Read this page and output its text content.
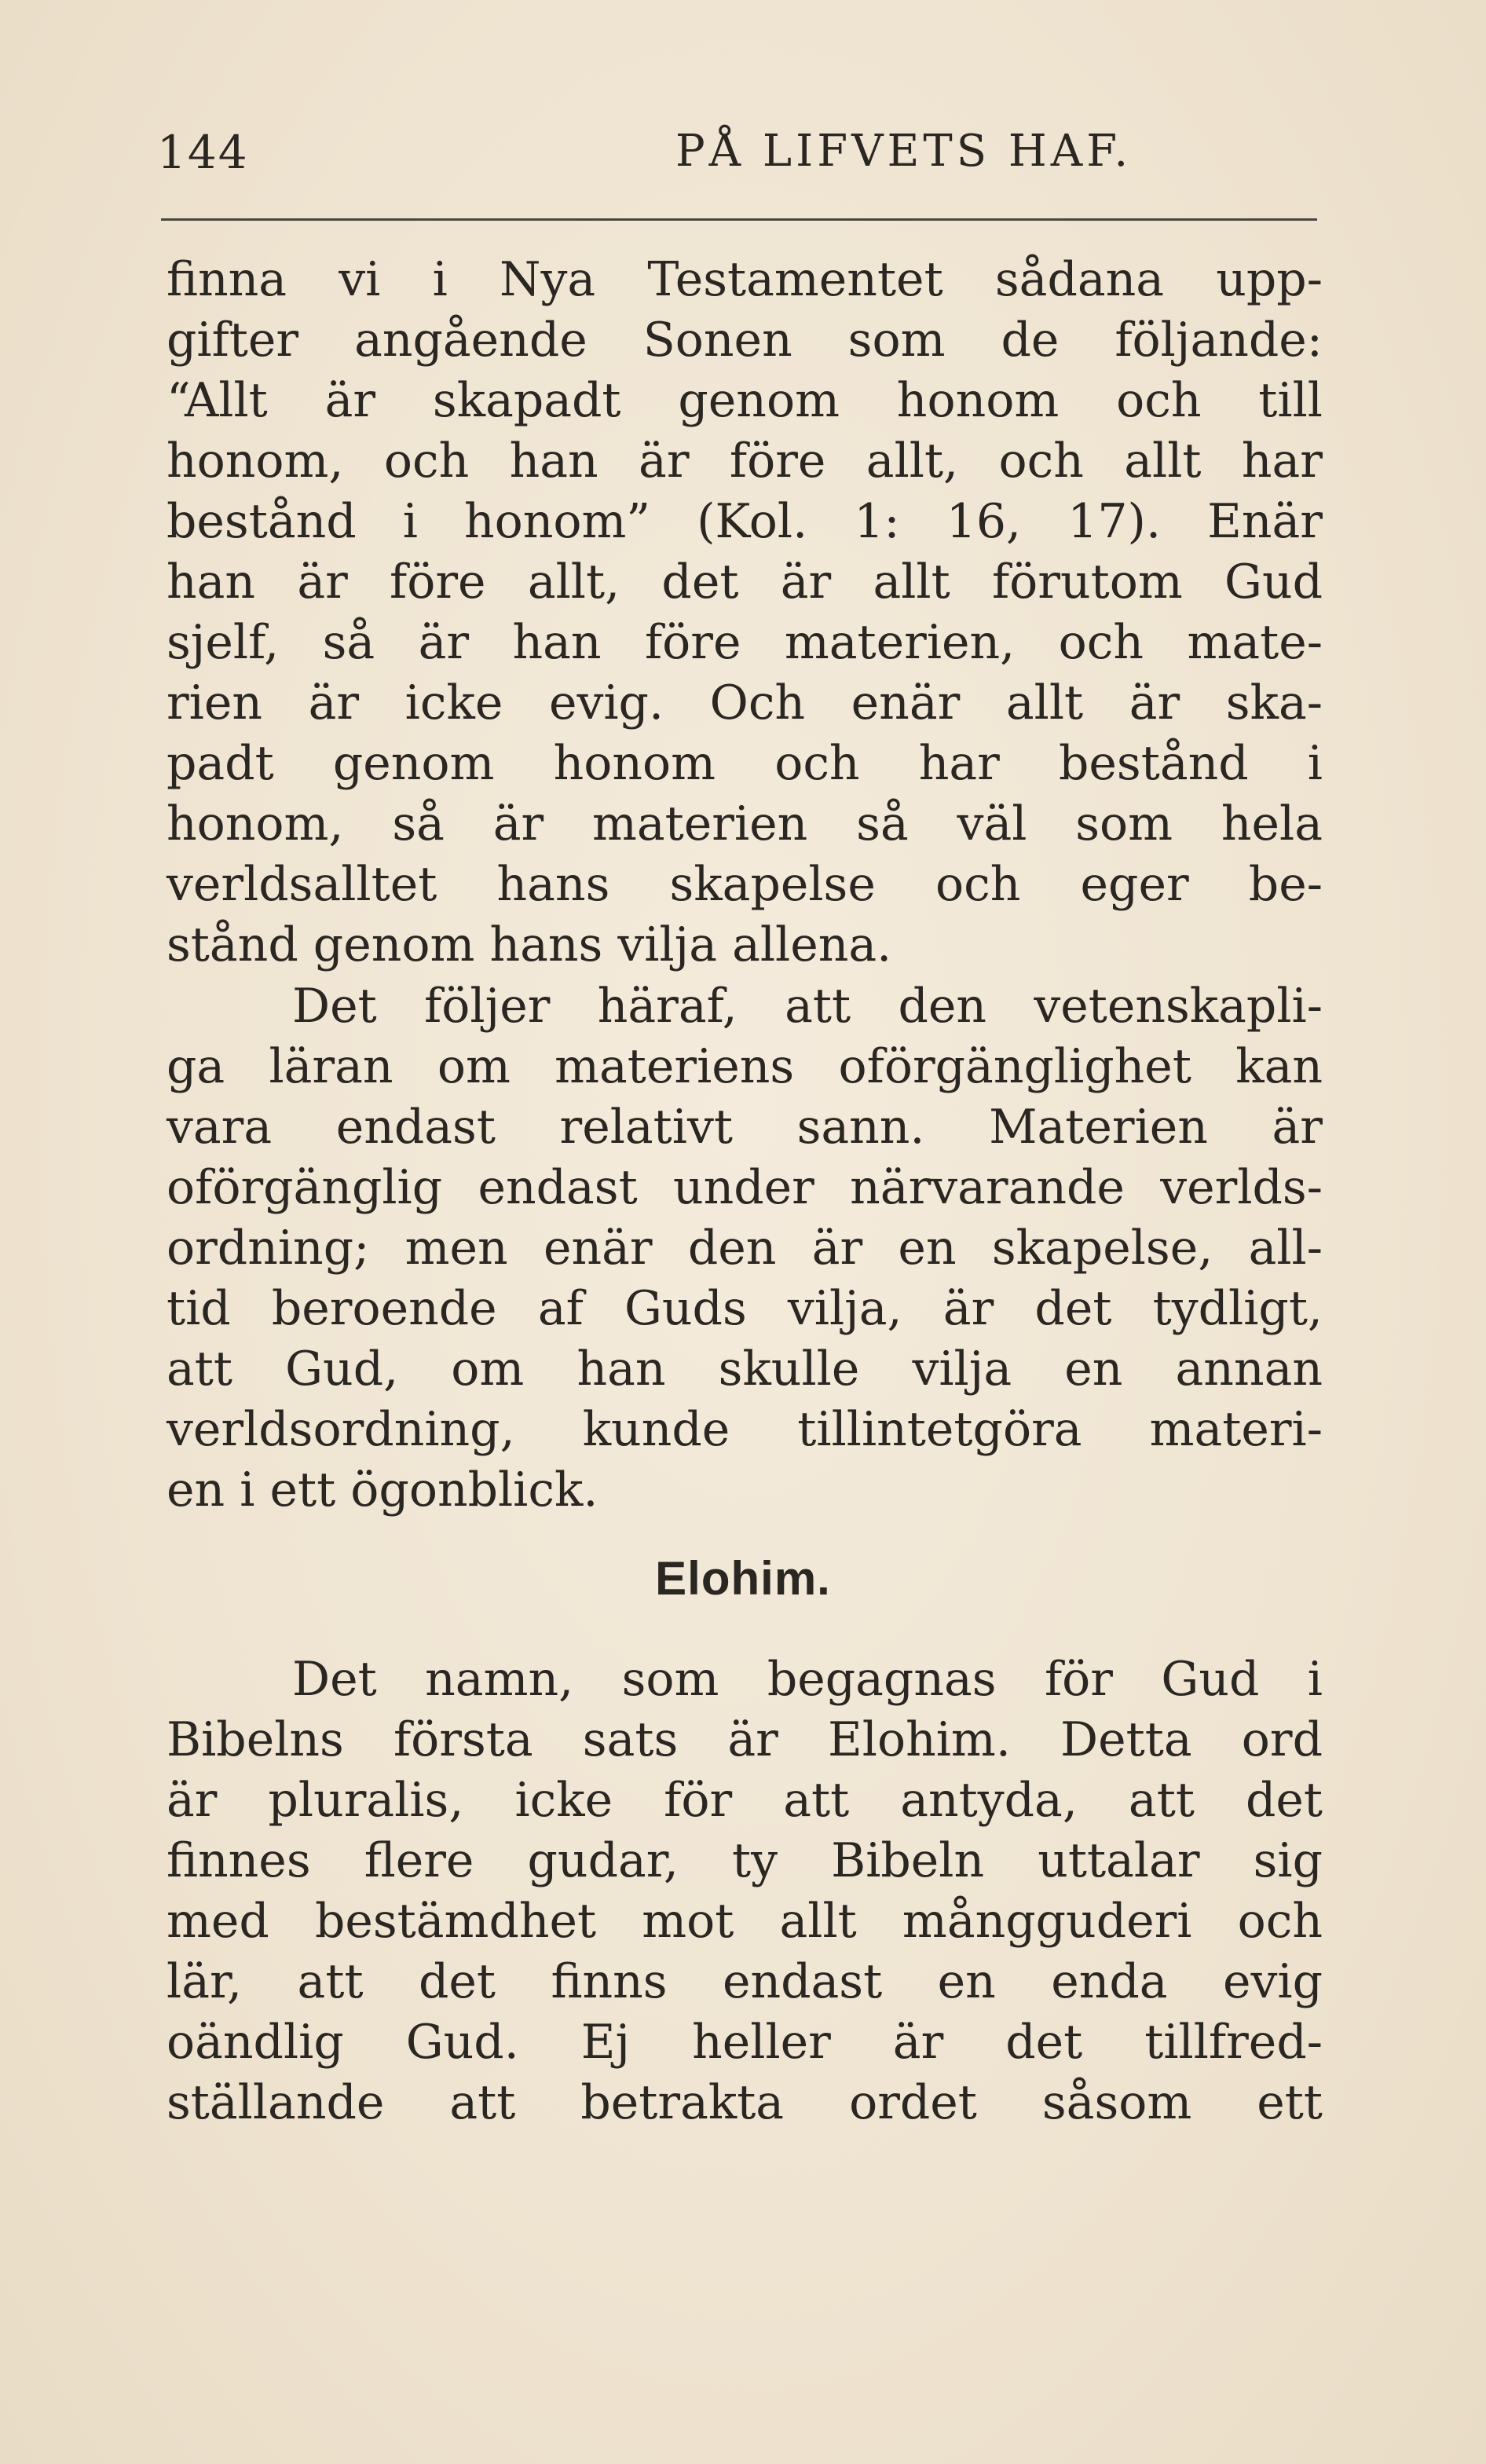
144	PÅ LIFVETS HAF.
finna vi i Nya Testamentet sådana upp-
gifter angående Sonen som de följande:
“Allt är skapadt genom honom och till
honom, och han är före allt, och allt har
bestånd i honom” (Kol. 1: 16, 17). Enär
han är före allt, det är allt förutom Gud
sjelf, så är han före materien, och mate-
rien är icke evig. Och enär allt är ska-
padt genom honom och har bestånd i
honom, så är materien så väl som hela
verldsalltet hans skapelse och eger be-
stånd genom hans vilja allena.
Det följer häraf, att den vetenskapli-
ga läran om materiens oförgänglighet kan
vara endast relativt sann. Materien är
oförgänglig endast under närvarande verlds-
ordning; men enär den är en skapelse, all-
tid beroende af Guds vilja, är det tydligt,
att Gud, om han skulle vilja en annan
verldsordning, kunde tillintetgöra materi-
en i ett ögonblick.
Elohim.
Det namn, som begagnas för Gud i
Bibelns första sats är Elohim. Detta ord
är pluralis, icke för att antyda, att det
finnes flere gudar, ty Bibeln uttalar sig
med bestämdhet mot allt mångguderi och
lär, att det finns endast en enda evig
oändlig Gud. Ej heller är det tillfred-
ställande att betrakta ordet såsom ett
